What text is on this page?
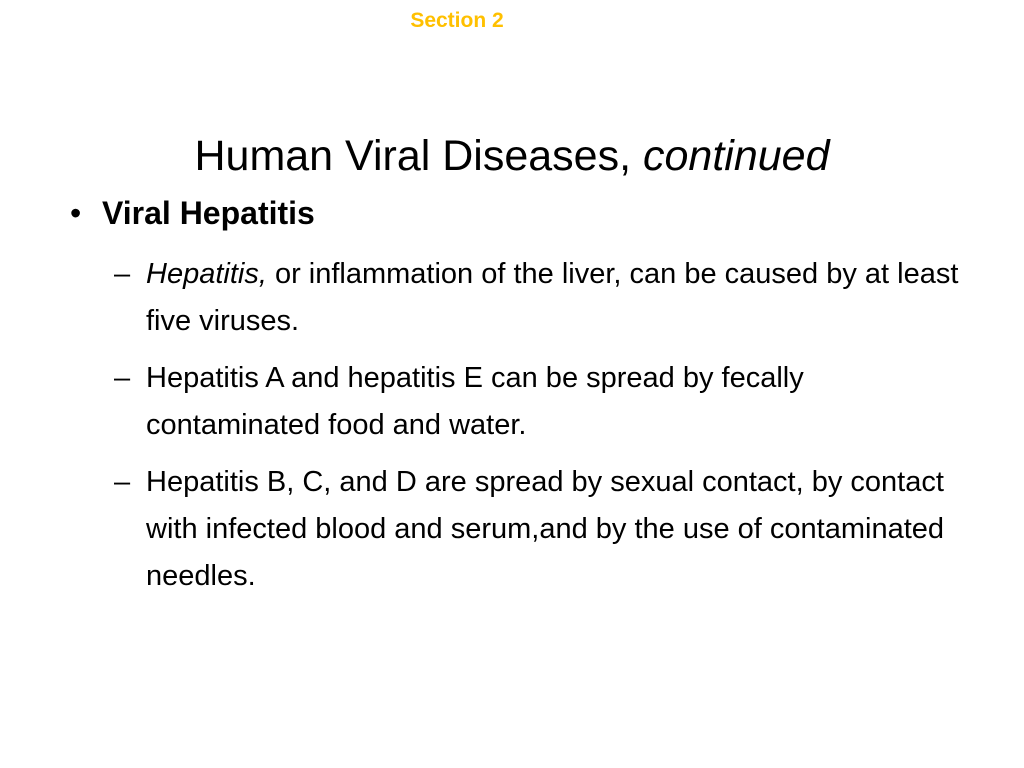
Section 2
Human Viral Diseases, continued
• Viral Hepatitis
– Hepatitis, or inflammation of the liver, can be caused by at least five viruses.
– Hepatitis A and hepatitis E can be spread by fecally contaminated food and water.
– Hepatitis B, C, and D are spread by sexual contact, by contact with infected blood and serum,and by the use of contaminated needles.
